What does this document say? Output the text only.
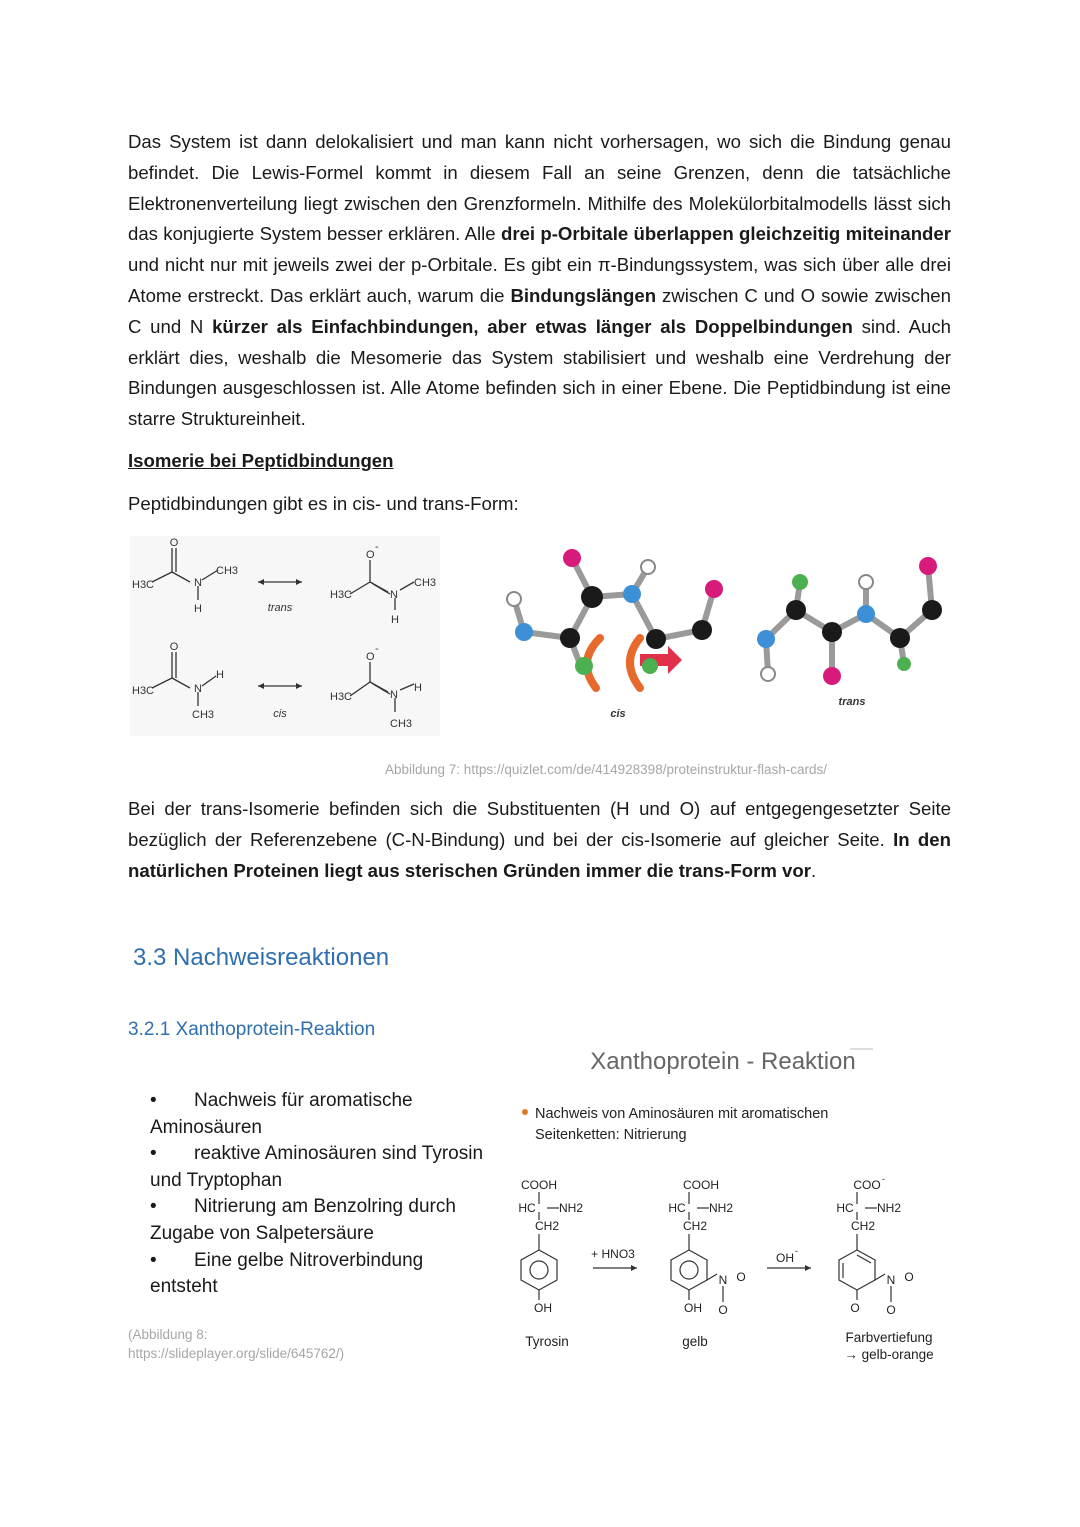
Das System ist dann delokalisiert und man kann nicht vorhersagen, wo sich die Bindung genau befindet. Die Lewis-Formel kommt in diesem Fall an seine Grenzen, denn die tatsächliche Elektronenverteilung liegt zwischen den Grenzformeln. Mithilfe des Molekülorbitalmodells lässt sich das konjugierte System besser erklären. Alle drei p-Orbitale überlappen gleichzeitig miteinander und nicht nur mit jeweils zwei der p-Orbitale. Es gibt ein π-Bindungssystem, was sich über alle drei Atome erstreckt. Das erklärt auch, warum die Bindungslängen zwischen C und O sowie zwischen C und N kürzer als Einfachbindungen, aber etwas länger als Doppelbindungen sind. Auch erklärt dies, weshalb die Mesomerie das System stabilisiert und weshalb eine Verdrehung der Bindungen ausgeschlossen ist. Alle Atome befinden sich in einer Ebene. Die Peptidbindung ist eine starre Struktureinheit.
Isomerie bei Peptidbindungen
Peptidbindungen gibt es in cis- und trans-Form:
O
H3C	N
CH3
H
O
-
H3C	N
CH3
H
O
H3C	N
H
CH3
O
-
H3C	N
H
CH3
trans
cis	cis
trans
Abbildung 7: https://quizlet.com/de/414928398/proteinstruktur-flash-cards/
Bei der trans-Isomerie befinden sich die Substituenten (H und O) auf entgegengesetzter Seite bezüglich der Referenzebene (C-N-Bindung) und bei der cis-Isomerie auf gleicher Seite. In den natürlichen Proteinen liegt aus sterischen Gründen immer die trans-Form vor.
3.3 Nachweisreaktionen
3.2.1 Xanthoprotein-Reaktion
• Nachweis für aromatische Aminosäuren
• reaktive Aminosäuren sind Tyrosin und Tryptophan
• Nitrierung am Benzolring durch Zugabe von Salpetersäure
• Eine gelbe Nitroverbindung entsteht
(Abbildung 8:
https://slideplayer.org/slide/645762/)
Xanthoprotein - Reaktion
Nachweis von Aminosäuren mit aromatischen
Seitenketten: Nitrierung
COOH
HC NH2
CH2
OH
Tyrosin
+ HNO3	OH -
COOH
HC NH2
CH2
OH
N O
O
gelb
COO -
HC NH2
CH2
O
N O
O
Farbvertiefung
→ gelb-orange
